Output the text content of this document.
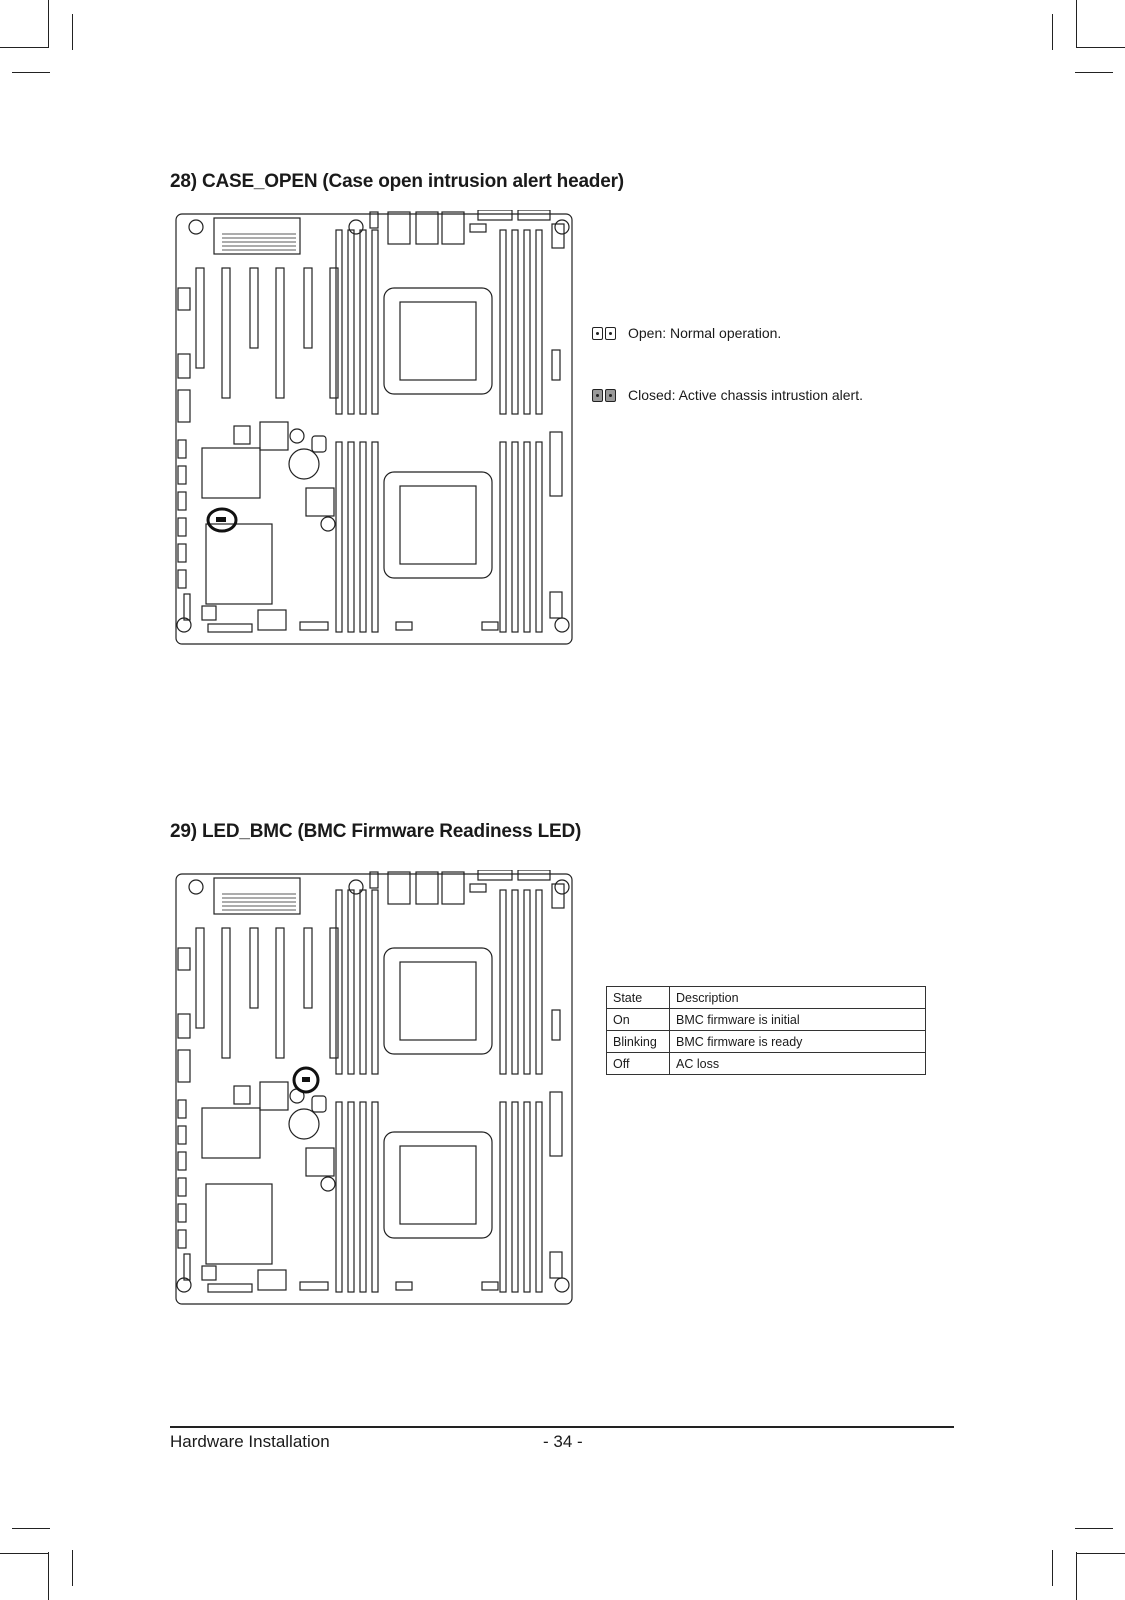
28) CASE_OPEN (Case open intrusion alert header)
Open: Normal operation.
Closed: Active chassis intrustion alert.
29) LED_BMC (BMC Firmware Readiness LED)
State	Description
On	BMC firmware is initial
Blinking	BMC firmware is ready
Off	AC loss
Hardware Installation	- 34 -
